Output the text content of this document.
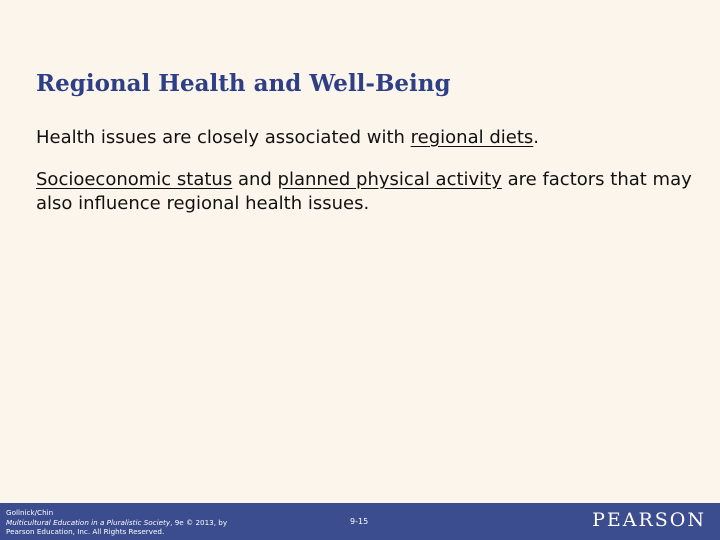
Regional Health and Well-Being
Health issues are closely associated with regional diets.
Socioeconomic status and planned physical activity are factors that may also influence regional health issues.
Gollnick/Chin
Multicultural Education in a Pluralistic Society, 9e © 2013, by
Pearson Education, Inc. All Rights Reserved.
9-15	PEARSON
